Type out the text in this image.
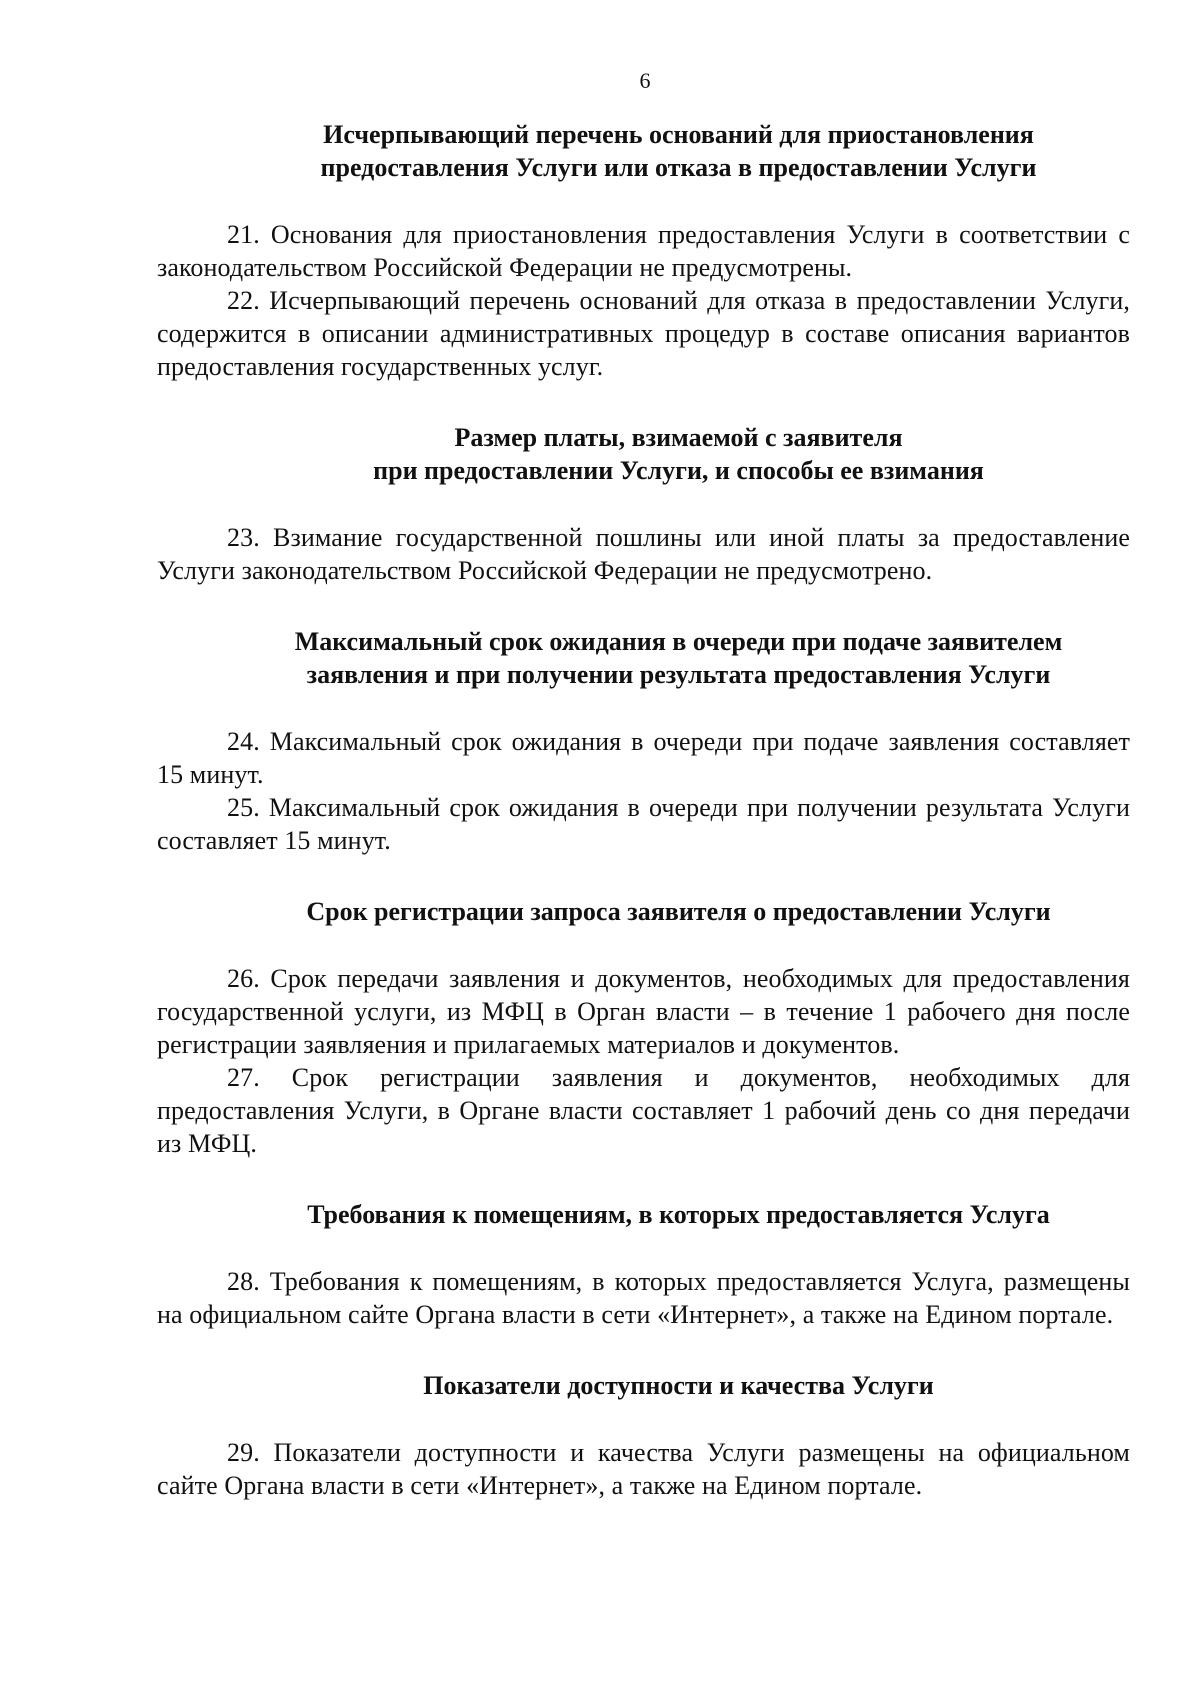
6

Исчерпывающий перечень оснований для приостановления
предоставления Услуги или отказа в предоставлении Услуги

21. Основания для приостановления предоставления Услуги в соответствии с законодательством Российской Федерации не предусмотрены.

22. Исчерпывающий перечень оснований для отказа в предоставлении Услуги, содержится в описании административных процедур в составе описания вариантов предоставления государственных услуг.

Размер платы, взимаемой с заявителя
при предоставлении Услуги, и способы ее взимания

23. Взимание государственной пошлины или иной платы за предоставление Услуги законодательством Российской Федерации не предусмотрено.

Максимальный срок ожидания в очереди при подаче заявителем
заявления и при получении результата предоставления Услуги

24. Максимальный срок ожидания в очереди при подаче заявления составляет 15 минут.

25. Максимальный срок ожидания в очереди при получении результата Услуги составляет 15 минут.

Срок регистрации запроса заявителя о предоставлении Услуги

26. Срок передачи заявления и документов, необходимых для предоставления государственной услуги, из МФЦ в Орган власти – в течение 1 рабочего дня после регистрации заявляения и прилагаемых материалов и документов.

27. Срок регистрации заявления и документов, необходимых для предоставления Услуги, в Органе власти составляет 1 рабочий день со дня передачи из МФЦ.

Требования к помещениям, в которых предоставляется Услуга

28. Требования к помещениям, в которых предоставляется Услуга, размещены на официальном сайте Органа власти в сети «Интернет», а также на Едином портале.

Показатели доступности и качества Услуги

29. Показатели доступности и качества Услуги размещены на официальном сайте Органа власти в сети «Интернет», а также на Едином портале.
